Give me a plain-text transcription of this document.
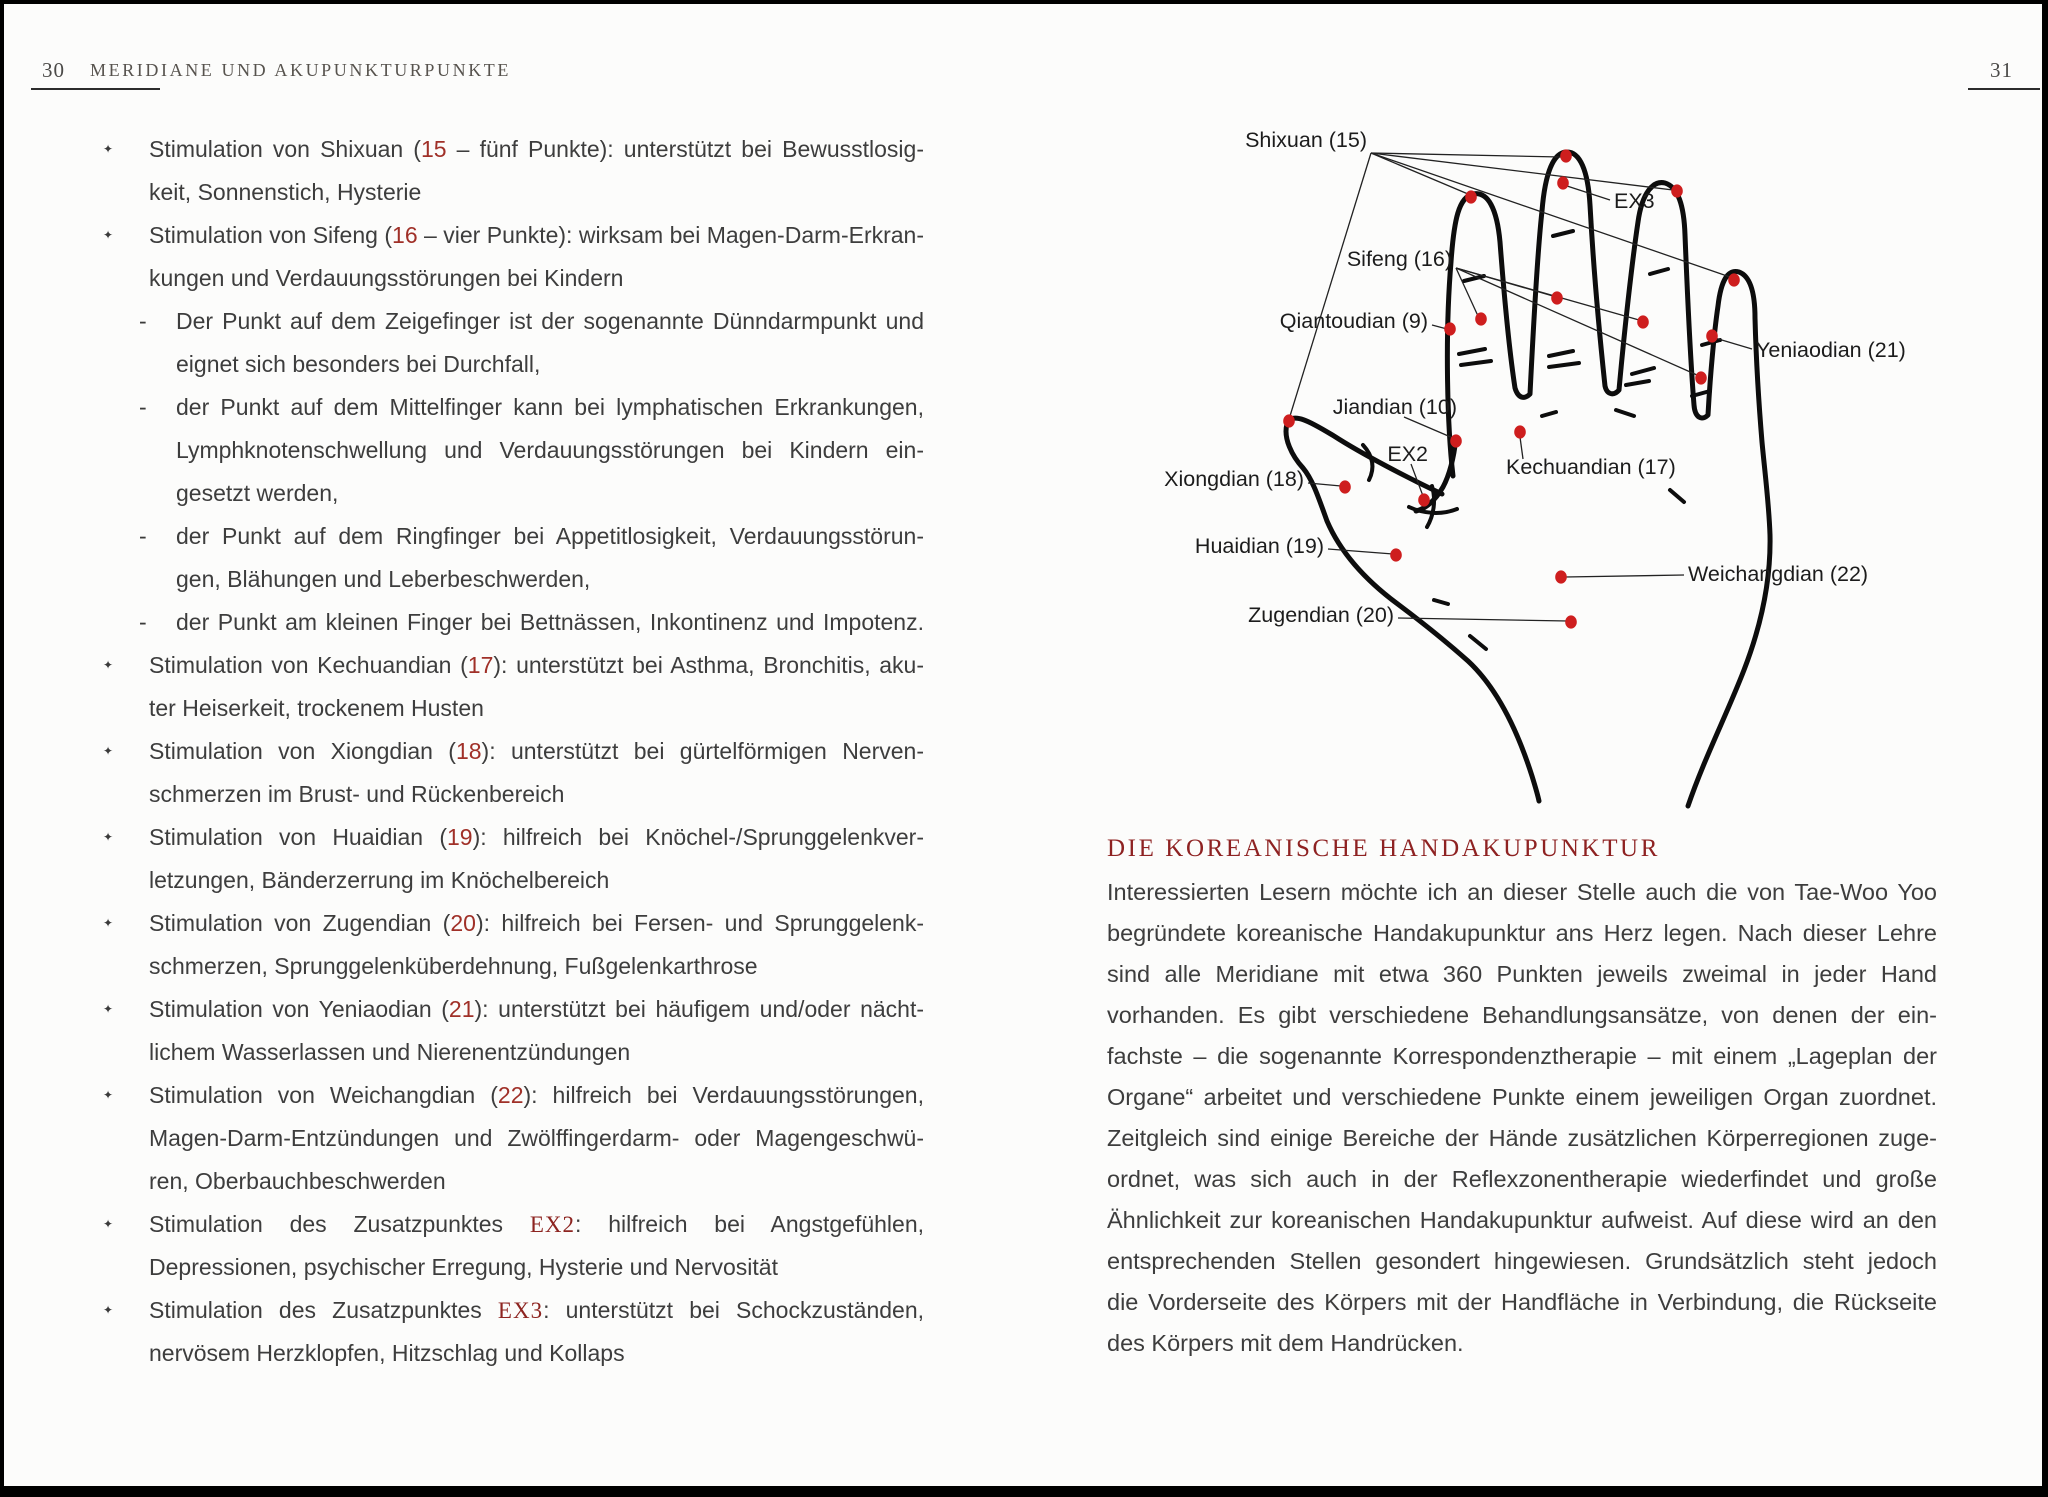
30 MERIDIANE UND AKUPUNKTURPUNKTE	31
✦ Stimulation von Shixuan (15 – fünf Punkte): unterstützt bei Bewusstlosig-
keit, Sonnenstich, Hysterie
✦ Stimulation von Sifeng (16 – vier Punkte): wirksam bei Magen-Darm-Erkran-
kungen und Verdauungsstörungen bei Kindern
- Der Punkt auf dem Zeigefinger ist der sogenannte Dünndarmpunkt und
eignet sich besonders bei Durchfall,
- der Punkt auf dem Mittelfinger kann bei lymphatischen Erkrankungen,
Lymphknotenschwellung und Verdauungsstörungen bei Kindern ein-
gesetzt werden,
- der Punkt auf dem Ringfinger bei Appetitlosigkeit, Verdauungsstörun-
gen, Blähungen und Leberbeschwerden,
- der Punkt am kleinen Finger bei Bettnässen, Inkontinenz und Impotenz.
✦ Stimulation von Kechuandian (17): unterstützt bei Asthma, Bronchitis, aku-
ter Heiserkeit, trockenem Husten
✦ Stimulation von Xiongdian (18): unterstützt bei gürtelförmigen Nerven-
schmerzen im Brust- und Rückenbereich
✦ Stimulation von Huaidian (19): hilfreich bei Knöchel-/Sprunggelenkver-
letzungen, Bänderzerrung im Knöchelbereich
✦ Stimulation von Zugendian (20): hilfreich bei Fersen- und Sprunggelenk-
schmerzen, Sprunggelenküberdehnung, Fußgelenkarthrose
✦ Stimulation von Yeniaodian (21): unterstützt bei häufigem und/oder nächt-
lichem Wasserlassen und Nierenentzündungen
✦ Stimulation von Weichangdian (22): hilfreich bei Verdauungsstörungen,
Magen-Darm-Entzündungen und Zwölffingerdarm- oder Magengeschwü-
ren, Oberbauchbeschwerden
✦ Stimulation des Zusatzpunktes EX2: hilfreich bei Angstgefühlen,
Depressionen, psychischer Erregung, Hysterie und Nervosität
✦ Stimulation des Zusatzpunktes EX3: unterstützt bei Schockzuständen,
nervösem Herzklopfen, Hitzschlag und Kollaps
Shixuan (15)
EX3
Sifeng (16)
Qiantoudian (9)
Yeniaodian (21)
Jiandian (10)
EX2
Kechuandian (17)
Xiongdian (18)
Huaidian (19)
Weichangdian (22)
Zugendian (20)
DIE KOREANISCHE HANDAKUPUNKTUR
Interessierten Lesern möchte ich an dieser Stelle auch die von Tae-Woo Yoo
begründete koreanische Handakupunktur ans Herz legen. Nach dieser Lehre
sind alle Meridiane mit etwa 360 Punkten jeweils zweimal in jeder Hand
vorhanden. Es gibt verschiedene Behandlungsansätze, von denen der ein-
fachste – die sogenannte Korrespondenztherapie – mit einem „Lageplan der
Organe“ arbeitet und verschiedene Punkte einem jeweiligen Organ zuordnet.
Zeitgleich sind einige Bereiche der Hände zusätzlichen Körperregionen zuge-
ordnet, was sich auch in der Reflexzonentherapie wiederfindet und große
Ähnlichkeit zur koreanischen Handakupunktur aufweist. Auf diese wird an den
entsprechenden Stellen gesondert hingewiesen. Grundsätzlich steht jedoch
die Vorderseite des Körpers mit der Handfläche in Verbindung, die Rückseite
des Körpers mit dem Handrücken.
